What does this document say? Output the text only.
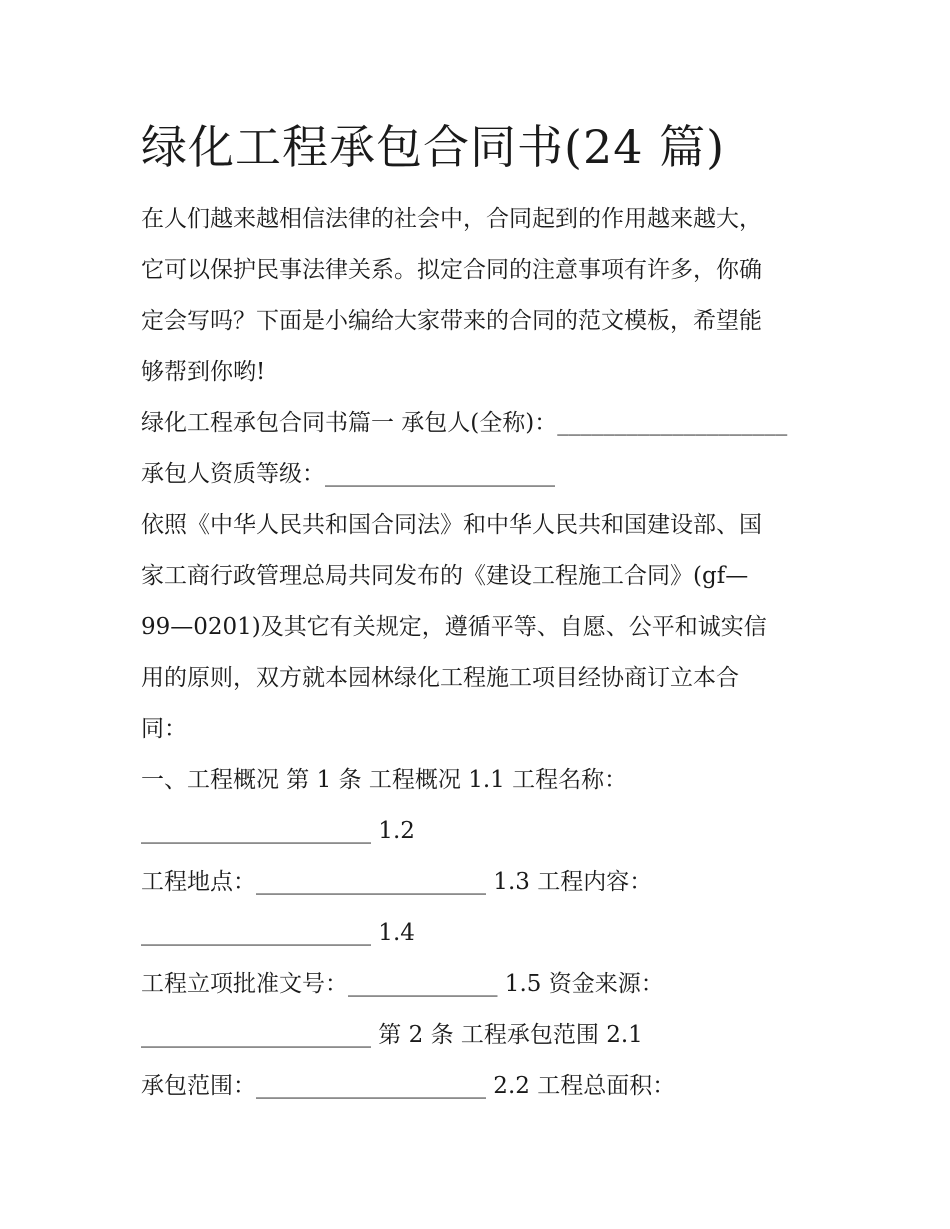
绿化工程承包合同书(24 篇)

在人们越来越相信法律的社会中，合同起到的作用越来越大，

它可以保护民事法律关系。拟定合同的注意事项有许多，你确

定会写吗？下面是小编给大家带来的合同的范文模板，希望能

够帮到你哟!

绿化工程承包合同书篇一 承包人(全称)：____________________

承包人资质等级：____________________

依照《中华人民共和国合同法》和中华人民共和国建设部、国

家工商行政管理总局共同发布的《建设工程施工合同》(gf—

99—0201)及其它有关规定，遵循平等、自愿、公平和诚实信

用的原则，双方就本园林绿化工程施工项目经协商订立本合

同：

一、工程概况 第 1 条 工程概况 1.1 工程名称：

____________________ 1.2

工程地点：____________________ 1.3 工程内容：

____________________ 1.4

工程立项批准文号：_____________ 1.5 资金来源：

____________________ 第 2 条 工程承包范围 2.1

承包范围：____________________ 2.2 工程总面积：
